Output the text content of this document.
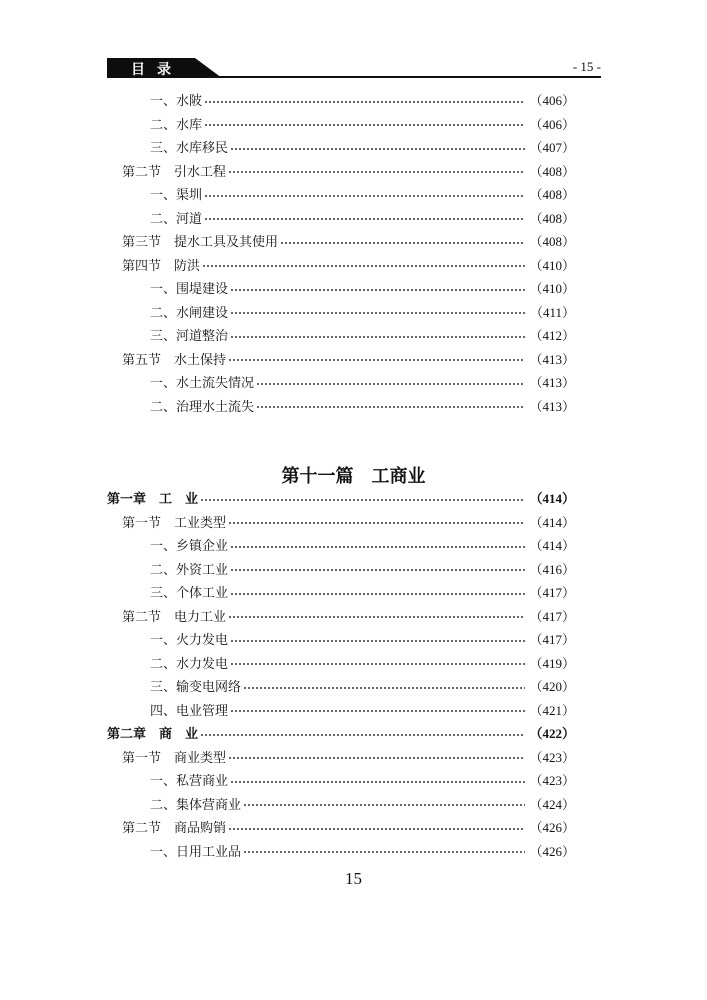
目录	- 15 -
一、水陂	（406）
二、水库	（406）
三、水库移民	（407）
第二节　引水工程	（408）
一、渠圳	（408）
二、河道	（408）
第三节　提水工具及其使用	（408）
第四节　防洪	（410）
一、围堤建设	（410）
二、水闸建设	（411）
三、河道整治	（412）
第五节　水土保持	（413）
一、水土流失情况	（413）
二、治理水土流失	（413）
第十一篇　工商业
第一章　工　业	（414）
第一节　工业类型	（414）
一、乡镇企业	（414）
二、外资工业	（416）
三、个体工业	（417）
第二节　电力工业	（417）
一、火力发电	（417）
二、水力发电	（419）
三、输变电网络	（420）
四、电业管理	（421）
第二章　商　业	（422）
第一节　商业类型	（423）
一、私营商业	（423）
二、集体营商业	（424）
第二节　商品购销	（426）
一、日用工业品	（426）
15
